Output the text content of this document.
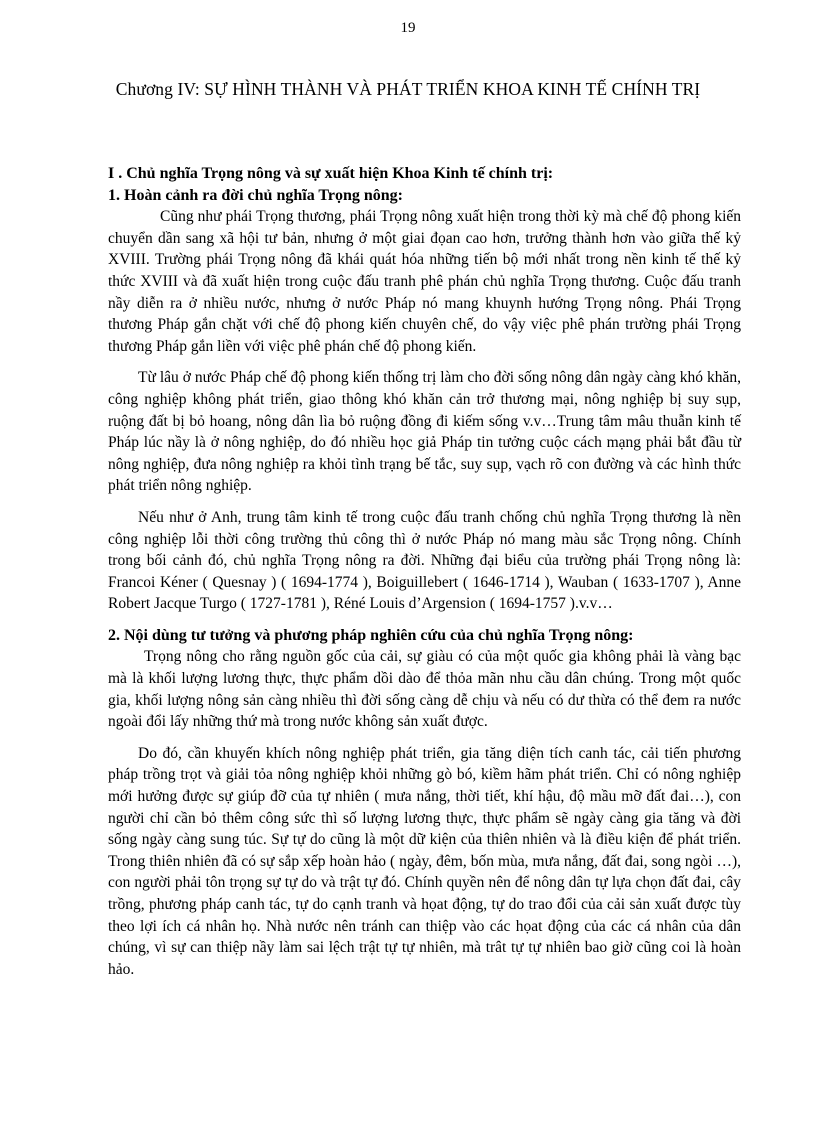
19
Chương IV: SỰ HÌNH THÀNH VÀ PHÁT TRIỂN KHOA KINH TẾ CHÍNH TRỊ

I . Chủ nghĩa Trọng nông và sự xuất hiện Khoa Kinh tế chính trị:

1. Hoàn cảnh ra đời chủ nghĩa Trọng nông:

Cũng như phái Trọng thương, phái Trọng nông xuất hiện trong thời kỳ mà chế độ phong kiến chuyển dần sang xã hội tư bản, nhưng ở một giai đọan cao hơn, trưởng thành hơn vào giữa thế kỷ XVIII. Trường phái Trọng nông đã khái quát hóa những tiến bộ mới nhất trong nền kinh tế thế kỷ thức XVIII và đã xuất hiện trong cuộc đấu tranh phê phán chủ nghĩa Trọng thương. Cuộc đấu tranh nầy diễn ra ở nhiều nước, nhưng ở nước Pháp nó mang khuynh hướng Trọng nông. Phái Trọng thương Pháp gắn chặt với chế độ phong kiến chuyên chế, do vậy việc phê phán trường phái Trọng thương Pháp gắn liền với việc phê phán chế độ phong kiến.

Từ lâu ở nước Pháp chế độ phong kiến thống trị làm cho đời sống nông dân ngày càng khó khăn, công nghiệp không phát triển, giao thông khó khăn cản trở thương mại, nông nghiệp bị suy sụp, ruộng đất bị bỏ hoang, nông dân lìa bỏ ruộng đồng đi kiếm sống v.v…Trung tâm mâu thuẫn kinh tế Pháp lúc nầy là ở nông nghiệp, do đó nhiều học giả Pháp tin tưởng cuộc cách mạng phải bắt đầu từ nông nghiệp, đưa nông nghiệp ra khỏi tình trạng bế tắc, suy sụp, vạch rõ con đường và các hình thức phát triển nông nghiệp.

Nếu như ở Anh, trung tâm kinh tế trong cuộc đấu tranh chống chủ nghĩa Trọng thương là nền công nghiệp lỗi thời công trường thủ công thì ở nước Pháp nó mang màu sắc Trọng nông. Chính trong bối cảnh đó, chủ nghĩa Trọng nông ra đời. Những đại biểu của trường phái Trọng nông là: Francoi Kéner ( Quesnay ) ( 1694-1774 ), Boiguillebert ( 1646-1714 ), Wauban ( 1633-1707 ), Anne Robert Jacque Turgo ( 1727-1781 ), Réné Louis d’Argension ( 1694-1757 ).v.v…

2. Nội dùng tư tưởng và phương pháp nghiên cứu của chủ nghĩa Trọng nông:

Trọng nông cho rằng nguồn gốc của cải, sự giàu có của một quốc gia không phải là vàng bạc mà là khối lượng lương thực, thực phẩm dồi dào để thỏa mãn nhu cầu dân chúng. Trong một quốc gia, khối lượng nông sản càng nhiều thì đời sống càng dễ chịu và nếu có dư thừa có thể đem ra nước ngoài đổi lấy những thứ mà trong nước không sản xuất được.

Do đó, cần khuyến khích nông nghiệp phát triển, gia tăng diện tích canh tác, cải tiến phương pháp trồng trọt và giải tỏa nông nghiệp khỏi những gò bó, kiềm hãm phát triển. Chỉ có nông nghiệp mới hưởng được sự giúp đỡ của tự nhiên ( mưa nắng, thời tiết, khí hậu, độ mầu mỡ đất đai…), con người chỉ cần bỏ thêm công sức thì số lượng lương thực, thực phẩm sẽ ngày càng gia tăng và đời sống ngày càng sung túc. Sự tự do cũng là một dữ kiện của thiên nhiên và là điều kiện để phát triển. Trong thiên nhiên đã có sự sắp xếp hoàn hảo ( ngày, đêm, bốn mùa, mưa nắng, đất đai, song ngòi …), con người phải tôn trọng sự tự do và trật tự đó. Chính quyền nên để nông dân tự lựa chọn đất đai, cây trồng, phương pháp canh tác, tự do cạnh tranh và họat động, tự do trao đổi của cải sản xuất được tùy theo lợi ích cá nhân họ. Nhà nước nên tránh can thiệp vào các họat động của các cá nhân của dân chúng, vì sự can thiệp nầy làm sai lệch trật tự tự nhiên, mà trât tự tự nhiên bao giờ cũng coi là hoàn hảo.
